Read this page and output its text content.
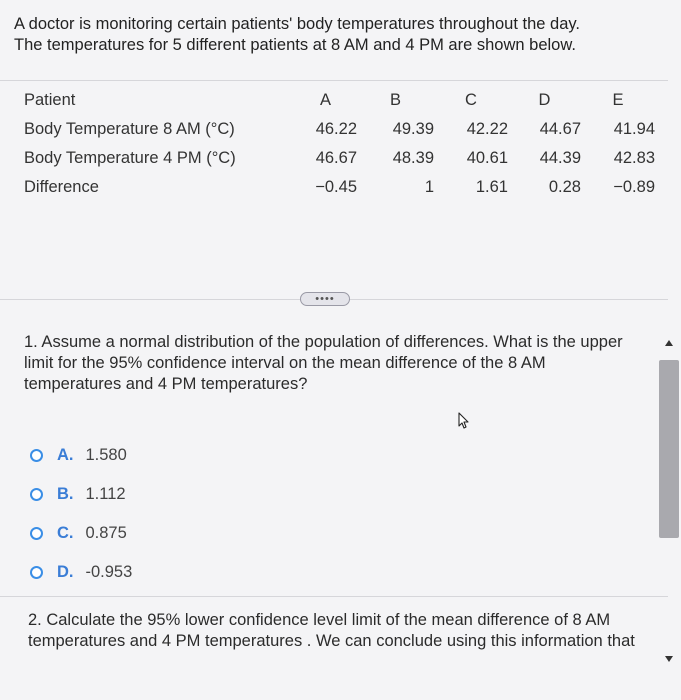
A doctor is monitoring certain patients' body temperatures throughout the day.
The temperatures for 5 different patients at 8 AM and 4 PM are shown below.
Patient	A	B	C	D	E
Body Temperature 8 AM (°C)	46.22	49.39	42.22	44.67	41.94
Body Temperature 4 PM (°C)	46.67	48.39	40.61	44.39	42.83
Difference	−0.45	1	1.61	0.28	−0.89
••••
1. Assume a normal distribution of the population of differences. What is the upper limit for the 95% confidence interval on the mean difference of the 8 AM temperatures and 4 PM temperatures?
A. 1.580
B. 1.112
C. 0.875
D. -0.953
2. Calculate the 95% lower confidence level limit of the mean difference of 8 AM temperatures and 4 PM temperatures . We can conclude using this information that
